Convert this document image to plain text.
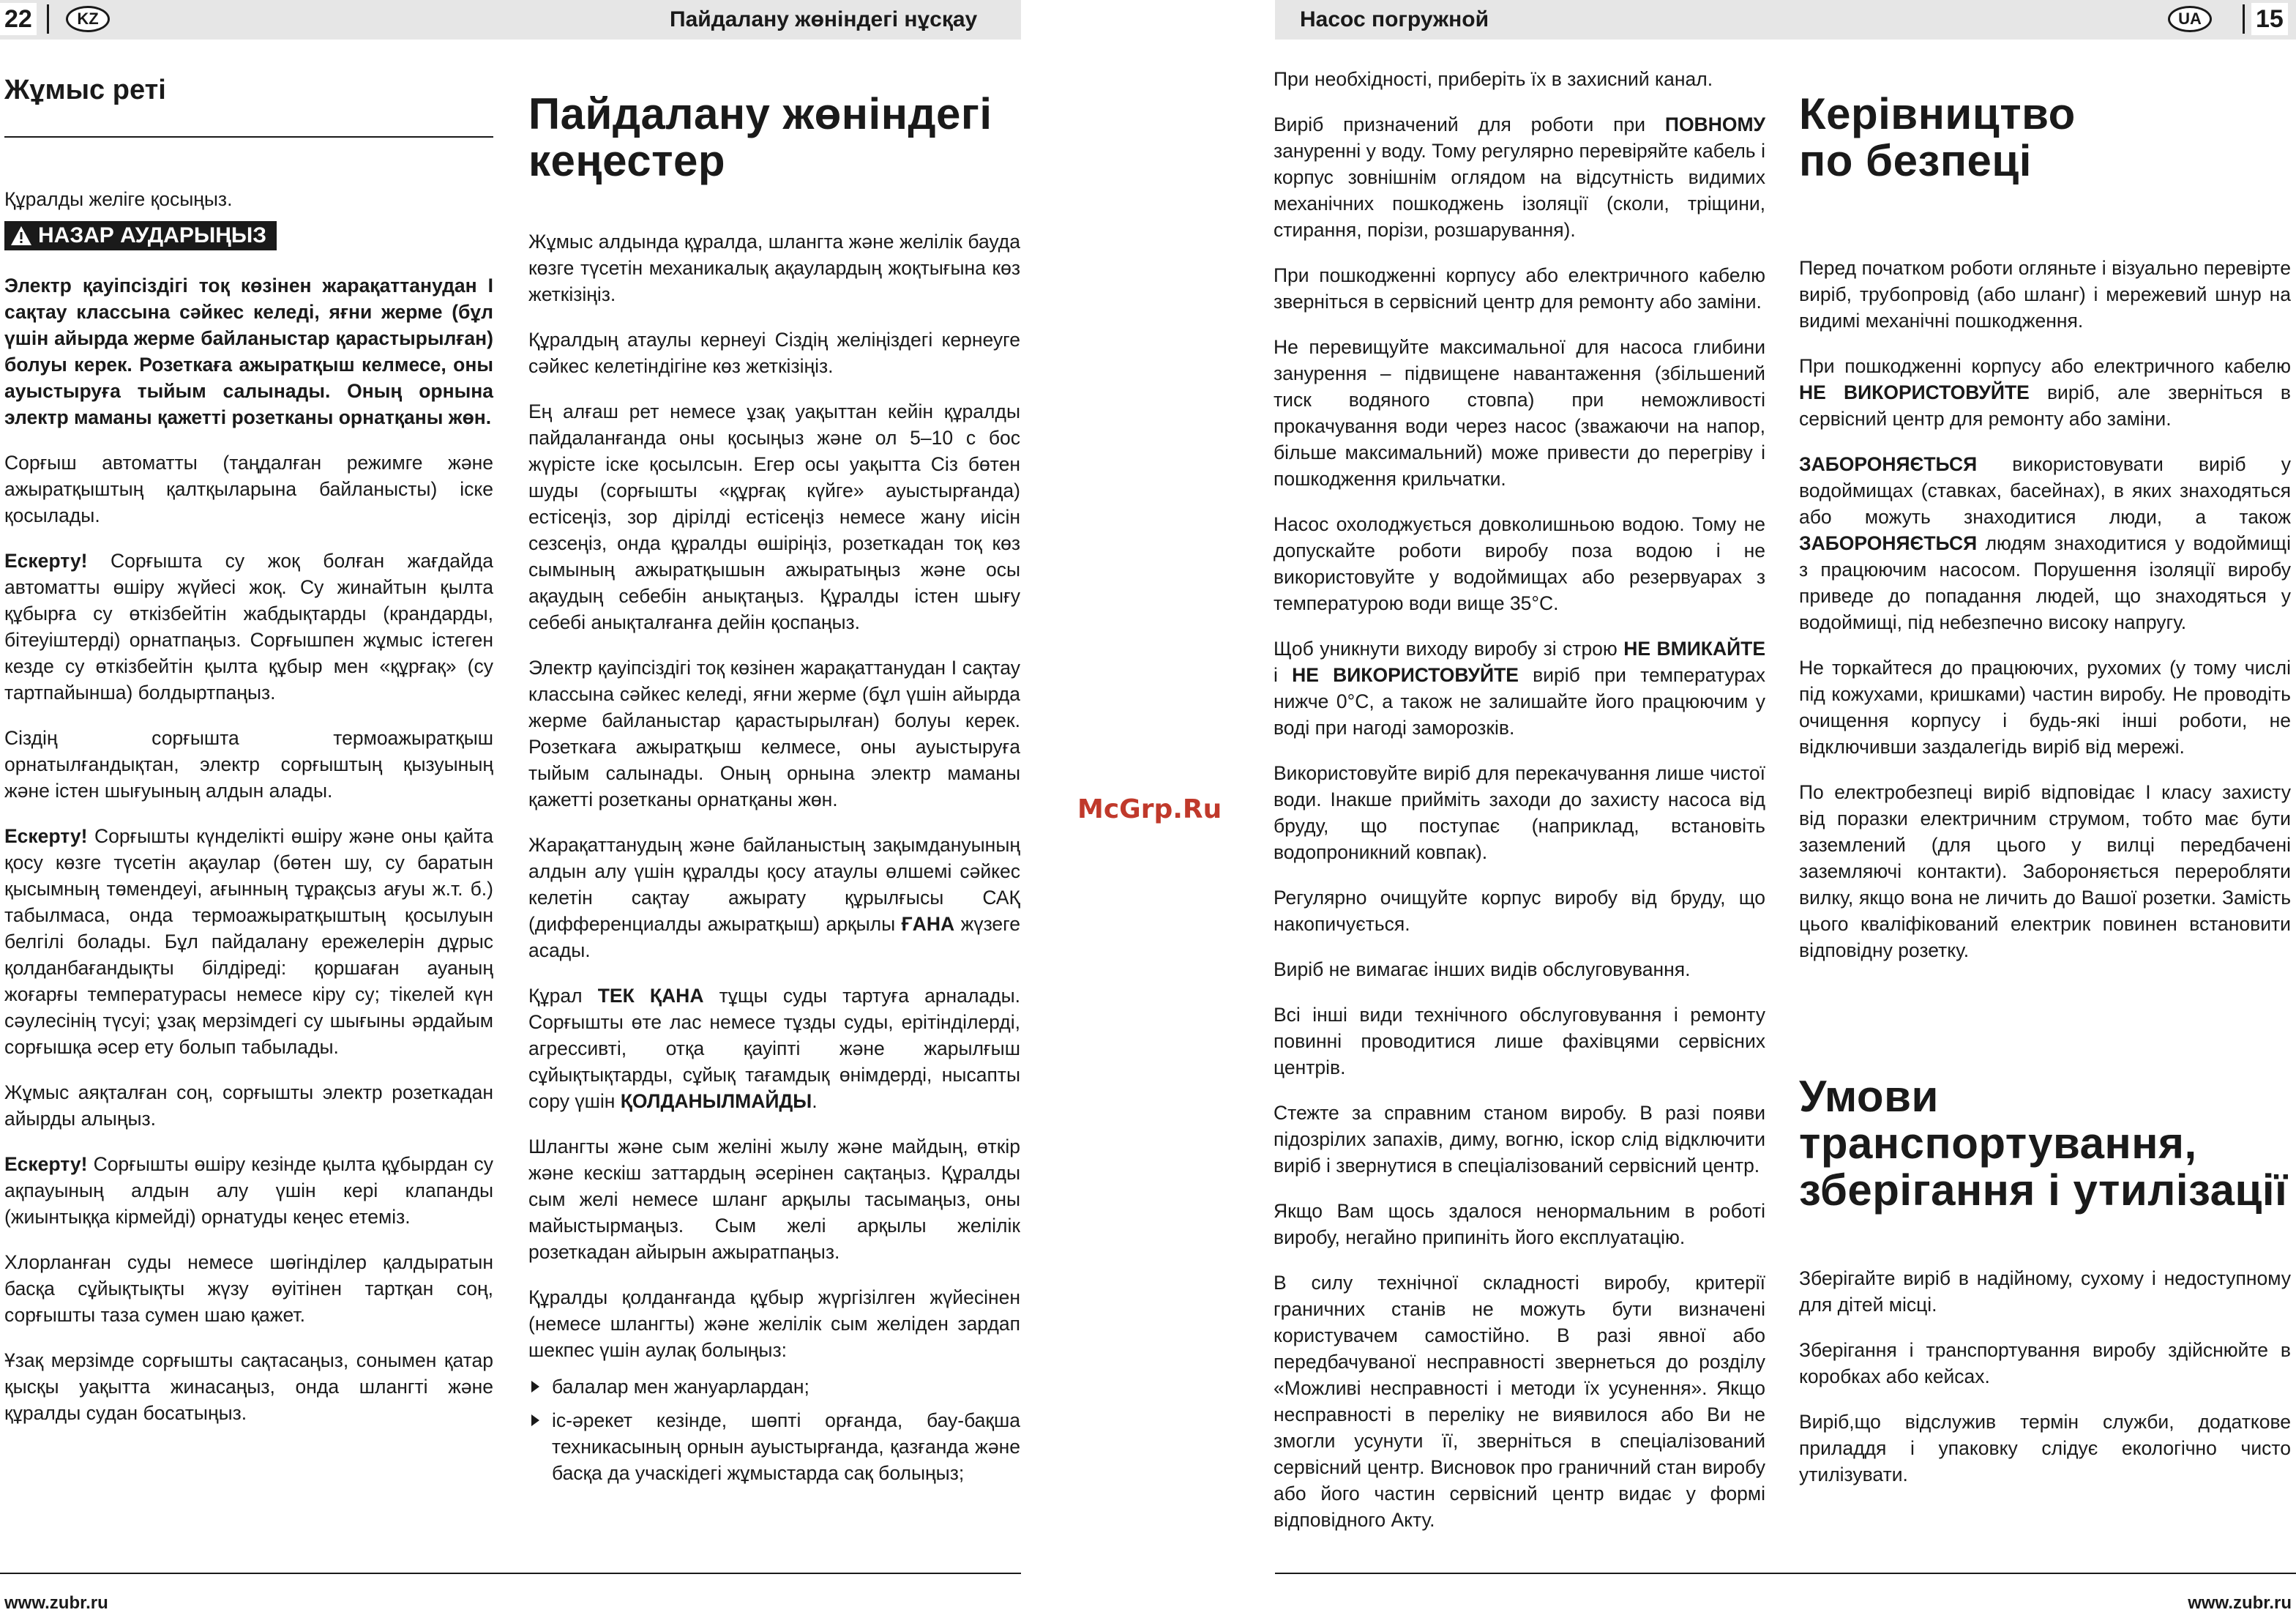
22	KZ	Пайдалану жөніндегі нұсқау	Насос погружной	UA	15
Жұмыс реті

Құралды желіге қосыңыз.

НАЗАР АУДАРЫҢЫЗ

Электр қауіпсіздігі тоқ көзінен жарақаттанудан І сақтау классына сәйкес келеді, яғни жерме (бұл үшін айырда жерме байланыстар қарастырылған) болуы керек. Розеткаға ажыратқыш келмесе, оны ауыстыруға тыйым салынады. Оның орнына электр маманы қажетті розетканы орнатқаны жөн.

Сорғыш автоматты (таңдалған режимге және ажыратқыштың қалтқыларына байланысты) іске қосылады.

Ескерту! Сорғышта су жоқ болған жағдайда автоматты өшіру жүйесі жоқ. Су жинайтын қылта құбырға су өткізбейтін жабдықтарды (крандарды, бітеуіштерді) орнатпаңыз. Сорғышпен жұмыс істеген кезде су өткізбейтін қылта құбыр мен «құрғақ» (су тартпайынша) болдыртпаңыз.

Сіздің сорғышта термоажыратқыш орнатылғандықтан, электр сорғыштың қызуының және істен шығуының алдын алады.

Ескерту! Сорғышты күнделікті өшіру және оны қайта қосу көзге түсетін ақаулар (бөтен шу, су баратын қысымның төмендеуі, ағынның тұрақсыз ағуы ж.т. б.) табылмаса, онда термоажыратқыштың қосылуын белгілі болады. Бұл пайдалану ережелерін дұрыс қолданбағандықты білдіреді: қоршаған ауаның жоғарғы температурасы немесе кіру су; тікелей күн сәулесінің түсуі; ұзақ мерзімдегі су шығыны әрдайым сорғышқа әсер ету болып табылады.

Жұмыс аяқталған соң, сорғышты электр розеткадан айырды алыңыз.

Ескерту! Сорғышты өшіру кезінде қылта құбырдан су ақпауының алдын алу үшін кері клапанды (жиынтыққа кірмейді) орнатуды кеңес етеміз.

Хлорланған суды немесе шөгінділер қалдыратын басқа сұйықтықты жүзу өуітінен тартқан соң, сорғышты таза сумен шаю қажет.

Ұзақ мерзімде сорғышты сақтасаңыз, сонымен қатар қысқы уақытта жинасаңыз, онда шлангті және құралды судан босатыңыз.

Пайдалану жөніндегі
кеңестер

Жұмыс алдында құралда, шлангта және желілік бауда көзге түсетін механикалық ақаулардың жоқтығына көз жеткізіңіз.

Құралдың атаулы кернеуі Сіздің желіңіздегі кернеуге сәйкес келетіндігіне көз жеткізіңіз.

Ең алғаш рет немесе ұзақ уақыттан кейін құралды пайдаланғанда оны қосыңыз және ол 5–10 с бос жүрісте іске қосылсын. Егер осы уақытта Сіз бөтен шуды (сорғышты «құрғақ күйге» ауыстырғанда) естісеңіз, зор дірілді естісеңіз немесе жану иісін сезсеңіз, онда құралды өшіріңіз, розеткадан тоқ көз сымының ажыратқышын ажыратыңыз және осы ақаудың себебін анықтаңыз. Құралды істен шығу себебі анықталғанға дейін қоспаңыз.

Электр қауіпсіздігі тоқ көзінен жарақаттанудан І сақтау классына сәйкес келеді, яғни жерме (бұл үшін айырда жерме байланыстар қарастырылған) болуы керек. Розеткаға ажыратқыш келмесе, оны ауыстыруға тыйым салынады. Оның орнына электр маманы қажетті розетканы орнатқаны жөн.

Жарақаттанудың және байланыстың зақымдануының алдын алу үшін құралды қосу атаулы өлшемі сәйкес келетін сақтау ажырату құрылғысы САҚ (дифференциалды ажыратқыш) арқылы ҒАНА жүзеге асады.

Құрал ТЕК ҚАНА тұщы суды тартуға арналады. Сорғышты өте лас немесе тұзды суды, ерітінділерді, агрессивті, отқа қауіпті және жарылғыш сұйықтықтарды, сұйық тағамдық өнімдерді, нысапты сору үшін ҚОЛДАНЫЛМАЙДЫ.

Шлангты және сым желіні жылу және майдың, өткір және кескіш заттардың әсерінен сақтаңыз. Құралды сым желі немесе шланг арқылы тасымаңыз, оны майыстырмаңыз. Сым желі арқылы желілік розеткадан айырын ажыратпаңыз.

Құралды қолданғанда құбыр жүргізілген жүйесінен (немесе шлангты) және желілік сым желіден зардап шекпес үшін аулақ болыңыз:

балалар мен жануарлардан;

іс-әрекет кезінде, шөпті орғанда, бау-бақша техникасының орнын ауыстырғанда, қазғанда және басқа да учаскідегі жұмыстарда сақ болыңыз;

www.zubr.ru
McGrp.Ru

При необхідності, приберіть їх в захисний канал.

Виріб призначений для роботи при ПОВНОМУ зануренні у воду. Тому регулярно перевіряйте кабель і корпус зовнішнім оглядом на відсутність видимих механічних пошкоджень ізоляції (сколи, тріщини, стирання, порізи, розшарування).

При пошкодженні корпусу або електричного кабелю зверніться в сервісний центр для ремонту або заміни.

Не перевищуйте максимальної для насоса глибини занурення – підвищене навантаження (збільшений тиск водяного стовпа) при неможливості прокачування води через насос (зважаючи на напор, більше максимальний) може привести до перегріву і пошкодження крильчатки.

Насос охолоджується довколишньою водою. Тому не допускайте роботи виробу поза водою і не використовуйте у водоймищах або резервуарах з температурою води вище 35°С.

Щоб уникнути виходу виробу зі строю НЕ ВМИКАЙТЕ і НЕ ВИКОРИСТОВУЙТЕ виріб при температурах нижче 0°С, а також не залишайте його працюючим у воді при нагоді заморозків.

Використовуйте виріб для перекачування лише чистої води. Інакше прийміть заходи до захисту насоса від бруду, що поступає (наприклад, встановіть водопроникний ковпак).

Регулярно очищуйте корпус виробу від бруду, що накопичується.

Виріб не вимагає інших видів обслуговування.

Всі інші види технічного обслуговування і ремонту повинні проводитися лише фахівцями сервісних центрів.

Стежте за справним станом виробу. В разі появи підозрілих запахів, диму, вогню, іскор слід відключити виріб і звернутися в спеціалізований сервісний центр.

Якщо Вам щось здалося ненормальним в роботі виробу, негайно припиніть його експлуатацію.

В силу технічної складності виробу, критерії граничних станів не можуть бути визначені користувачем самостійно. В разі явної або передбачуваної несправності звернеться до розділу «Можливі несправності і методи їх усунення». Якщо несправності в переліку не виявилося або Ви не змогли усунути її, зверніться в спеціалізований сервісний центр. Висновок про граничний стан виробу або його частин сервісний центр видає у формі відповідного Акту.

Керівництво
по безпеці

Перед початком роботи огляньте і візуально перевірте виріб, трубопровід (або шланг) і мережевий шнур на видимі механічні пошкодження.

При пошкодженні корпусу або електричного кабелю НЕ ВИКОРИСТОВУЙТЕ виріб, але зверніться в сервісний центр для ремонту або заміни.

ЗАБОРОНЯЄТЬСЯ використовувати виріб у водоймищах (ставках, басейнах), в яких знаходяться або можуть знаходитися люди, а також ЗАБОРОНЯЄТЬСЯ людям знаходитися у водоймищі з працюючим насосом. Порушення ізоляції виробу приведе до попадання людей, що знаходяться у водоймищі, під небезпечно високу напругу.

Не торкайтеся до працюючих, рухомих (у тому числі під кожухами, кришками) частин виробу. Не проводіть очищення корпусу і будь-які інші роботи, не відключивши заздалегідь виріб від мережі.

По електробезпеці виріб відповідає І класу захисту від поразки електричним струмом, тобто має бути заземлений (для цього у вилці передбачені заземляючі контакти). Забороняється переробляти вилку, якщо вона не личить до Вашої розетки. Замість цього кваліфікований електрик повинен встановити відповідну розетку.

Умови
транспортування,
зберігання і утилізації

Зберігайте виріб в надійному, сухому і недоступному для дітей місці.

Зберігання і транспортування виробу здійснюйте в коробках або кейсах.

Виріб,що відслужив термін служби, додаткове приладдя і упаковку слідує екологічно чисто утилізувати.

www.zubr.ru
